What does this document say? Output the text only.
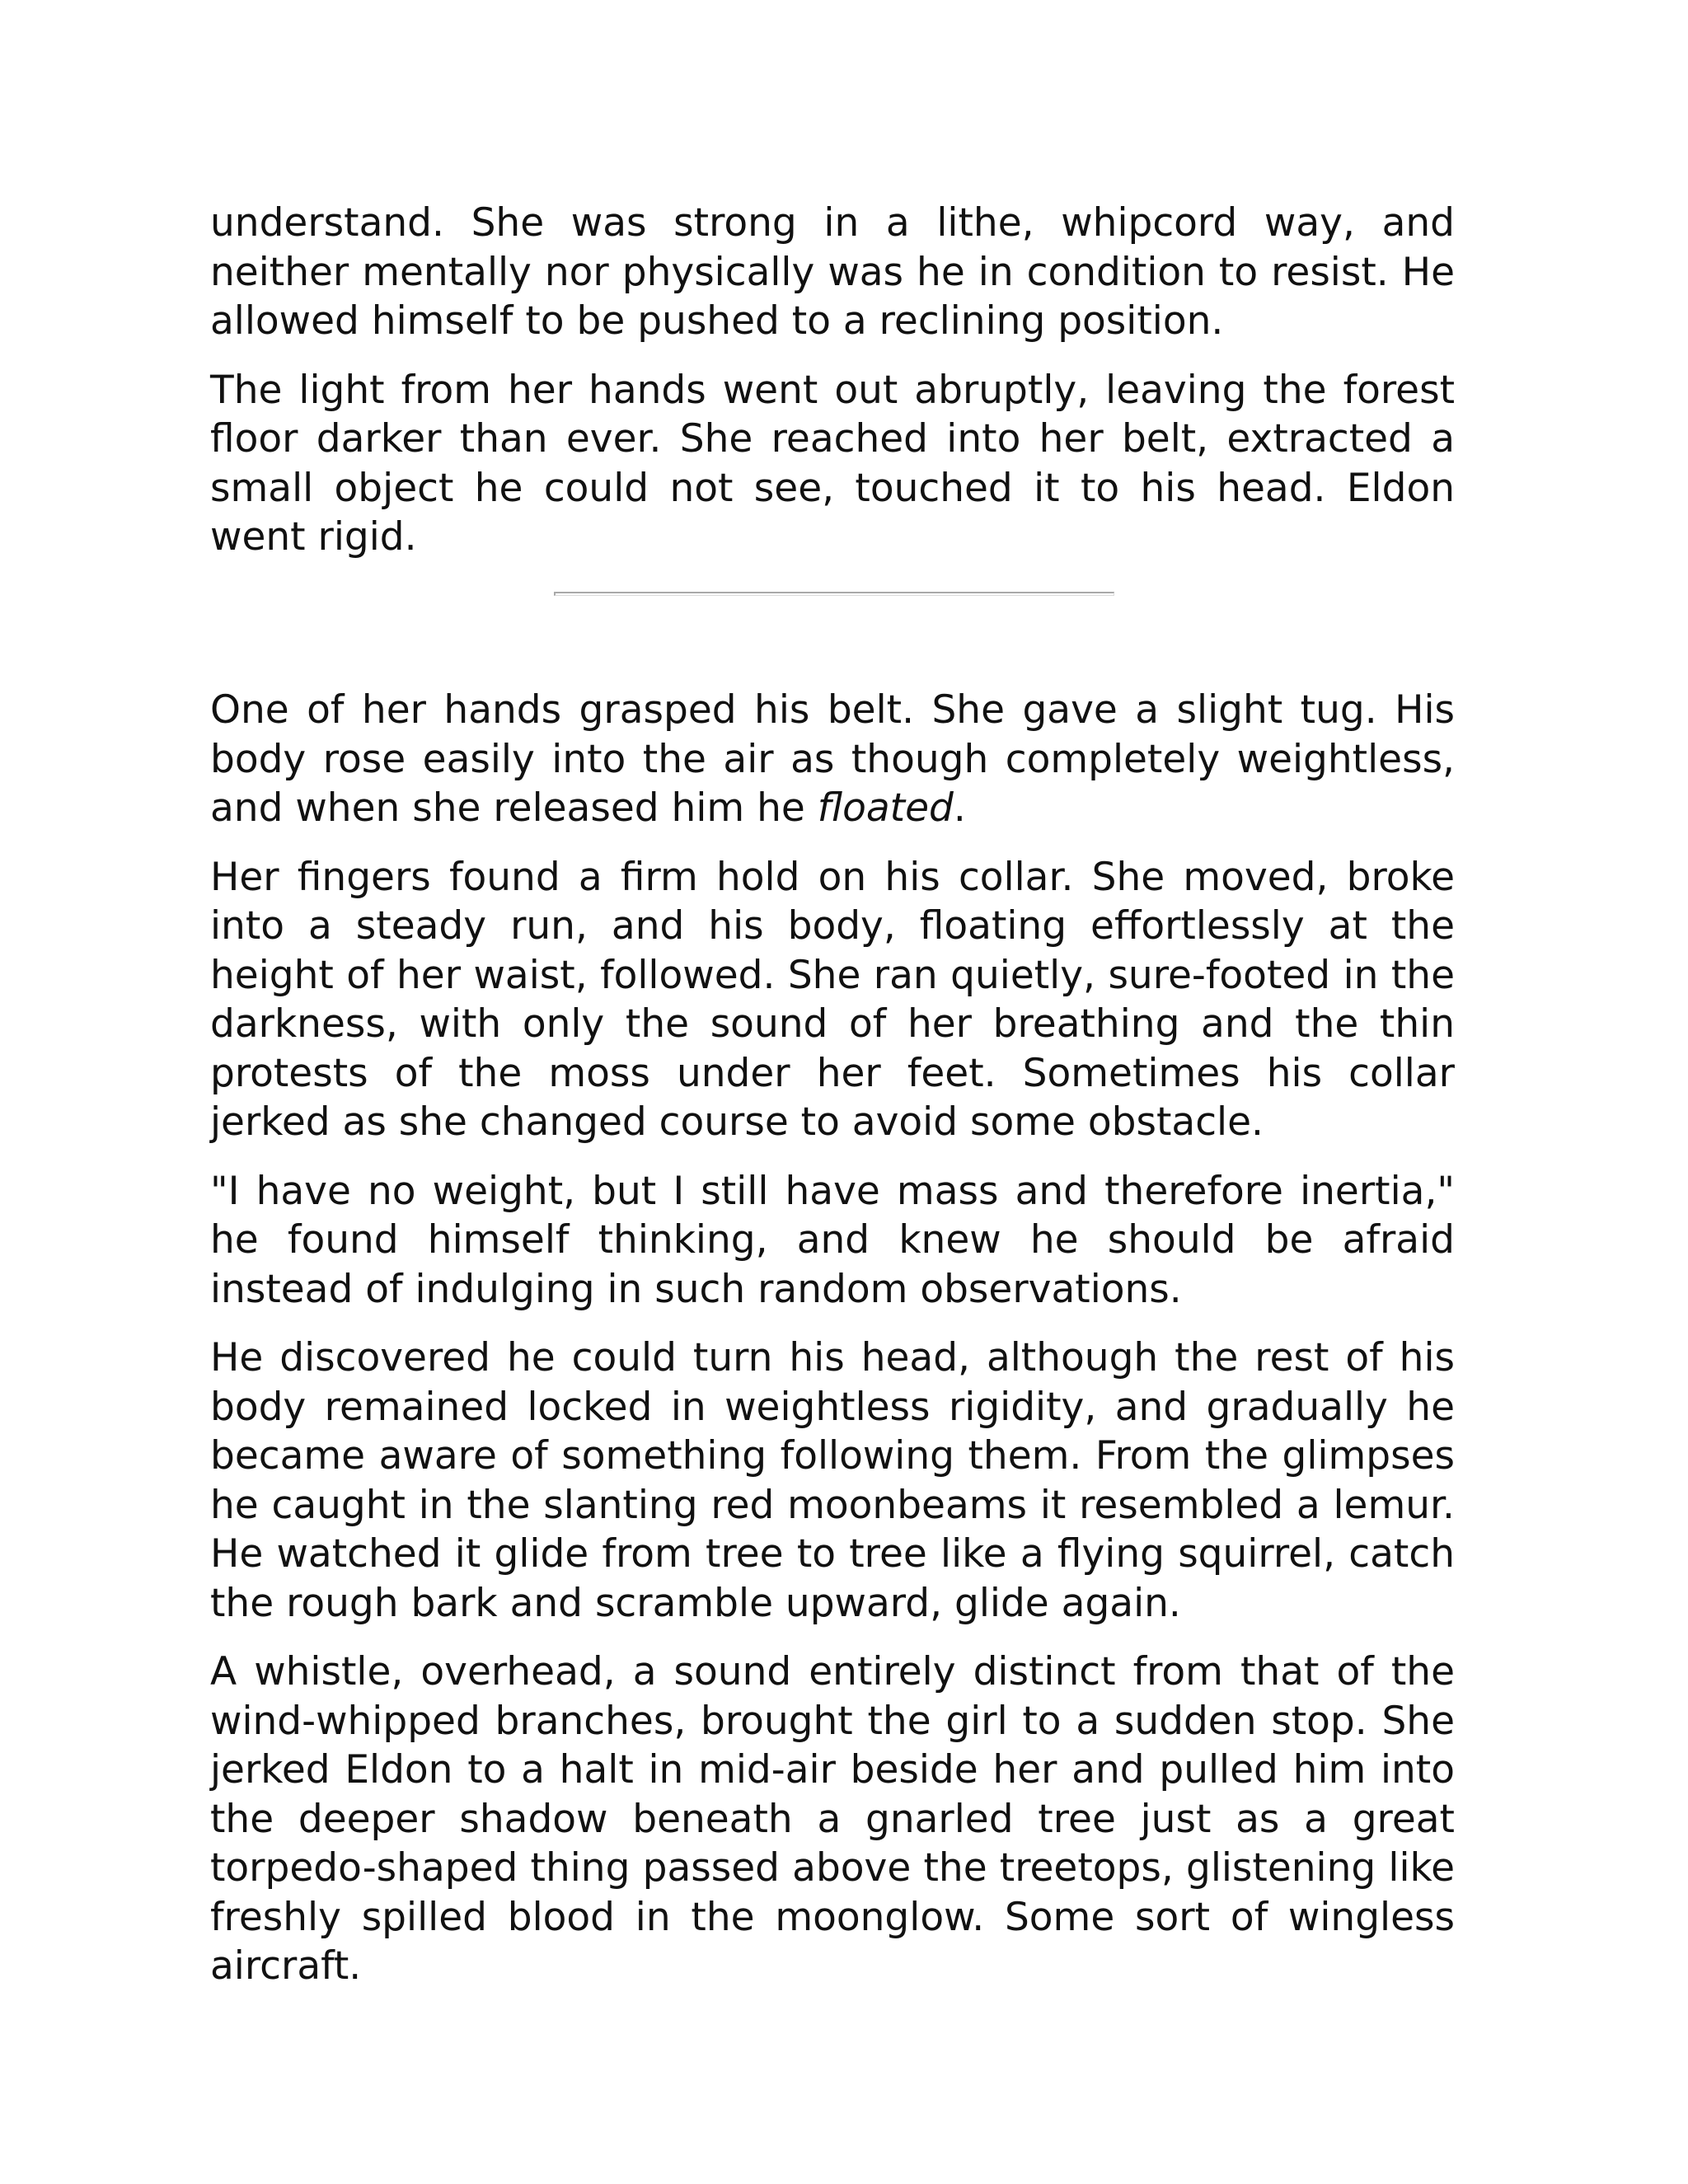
understand. She was strong in a lithe, whipcord way, and neither mentally nor physically was he in condition to resist. He allowed himself to be pushed to a reclining position.

The light from her hands went out abruptly, leaving the forest floor darker than ever. She reached into her belt, extracted a small object he could not see, touched it to his head. Eldon went rigid.

One of her hands grasped his belt. She gave a slight tug. His body rose easily into the air as though completely weightless, and when she released him he floated.

Her fingers found a firm hold on his collar. She moved, broke into a steady run, and his body, floating effortlessly at the height of her waist, followed. She ran quietly, sure-footed in the darkness, with only the sound of her breathing and the thin protests of the moss under her feet. Sometimes his collar jerked as she changed course to avoid some obstacle.

"I have no weight, but I still have mass and therefore inertia," he found himself thinking, and knew he should be afraid instead of indulging in such random observations.

He discovered he could turn his head, although the rest of his body remained locked in weightless rigidity, and gradually he became aware of something following them. From the glimpses he caught in the slanting red moonbeams it resembled a lemur. He watched it glide from tree to tree like a flying squirrel, catch the rough bark and scramble upward, glide again.

A whistle, overhead, a sound entirely distinct from that of the wind-whipped branches, brought the girl to a sudden stop. She jerked Eldon to a halt in mid-air beside her and pulled him into the deeper shadow beneath a gnarled tree just as a great torpedo-shaped thing passed above the treetops, glistening like freshly spilled blood in the moonglow. Some sort of wingless aircraft.
